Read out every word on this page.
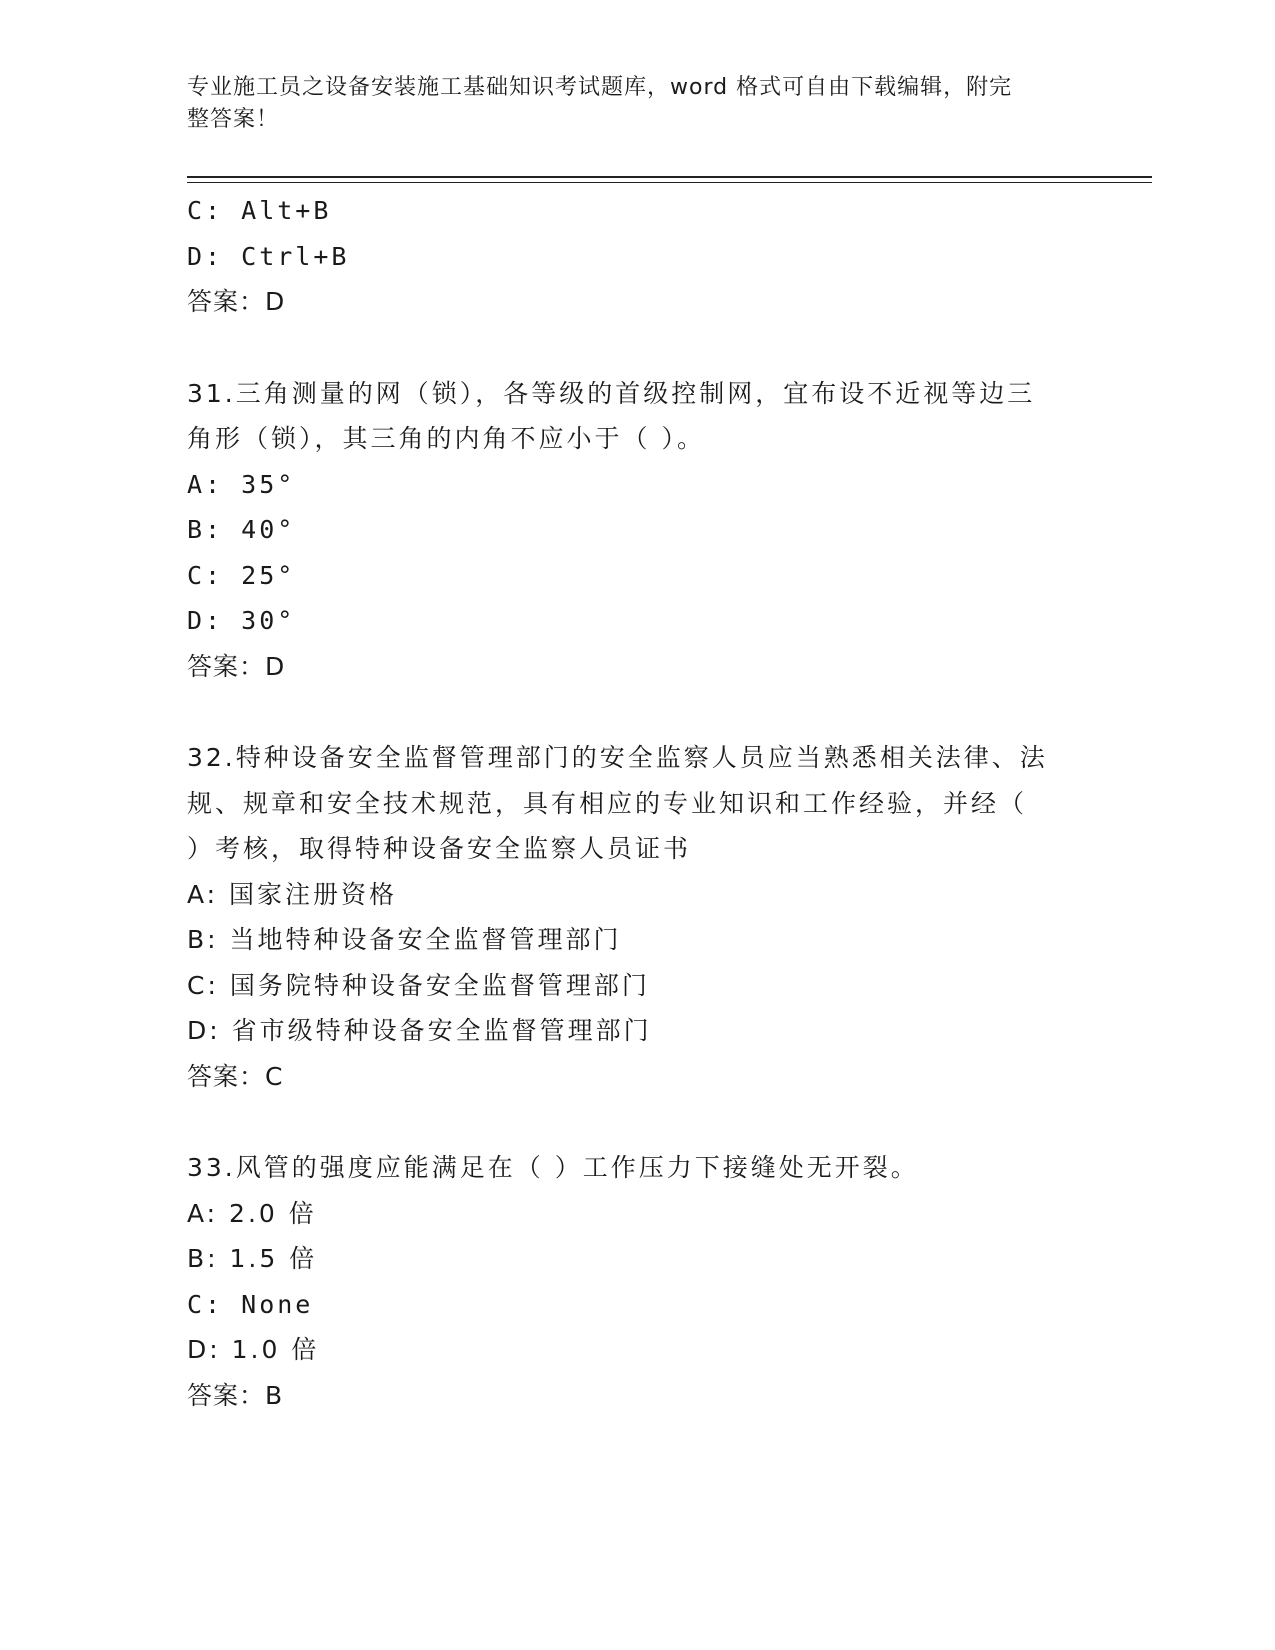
专业施工员之设备安装施工基础知识考试题库，word 格式可自由下载编辑，附完
整答案！
C: Alt+B
D: Ctrl+B
答案：D
31.三角测量的网（锁），各等级的首级控制网，宜布设不近视等边三
角形（锁），其三角的内角不应小于（ ）。
A: 35°
B: 40°
C: 25°
D: 30°
答案：D
32.特种设备安全监督管理部门的安全监察人员应当熟悉相关法律、法
规、规章和安全技术规范，具有相应的专业知识和工作经验，并经（
）考核，取得特种设备安全监察人员证书
A: 国家注册资格
B: 当地特种设备安全监督管理部门
C: 国务院特种设备安全监督管理部门
D: 省市级特种设备安全监督管理部门
答案：C
33.风管的强度应能满足在（ ）工作压力下接缝处无开裂。
A: 2.0 倍
B: 1.5 倍
C: None
D: 1.0 倍
答案：B
